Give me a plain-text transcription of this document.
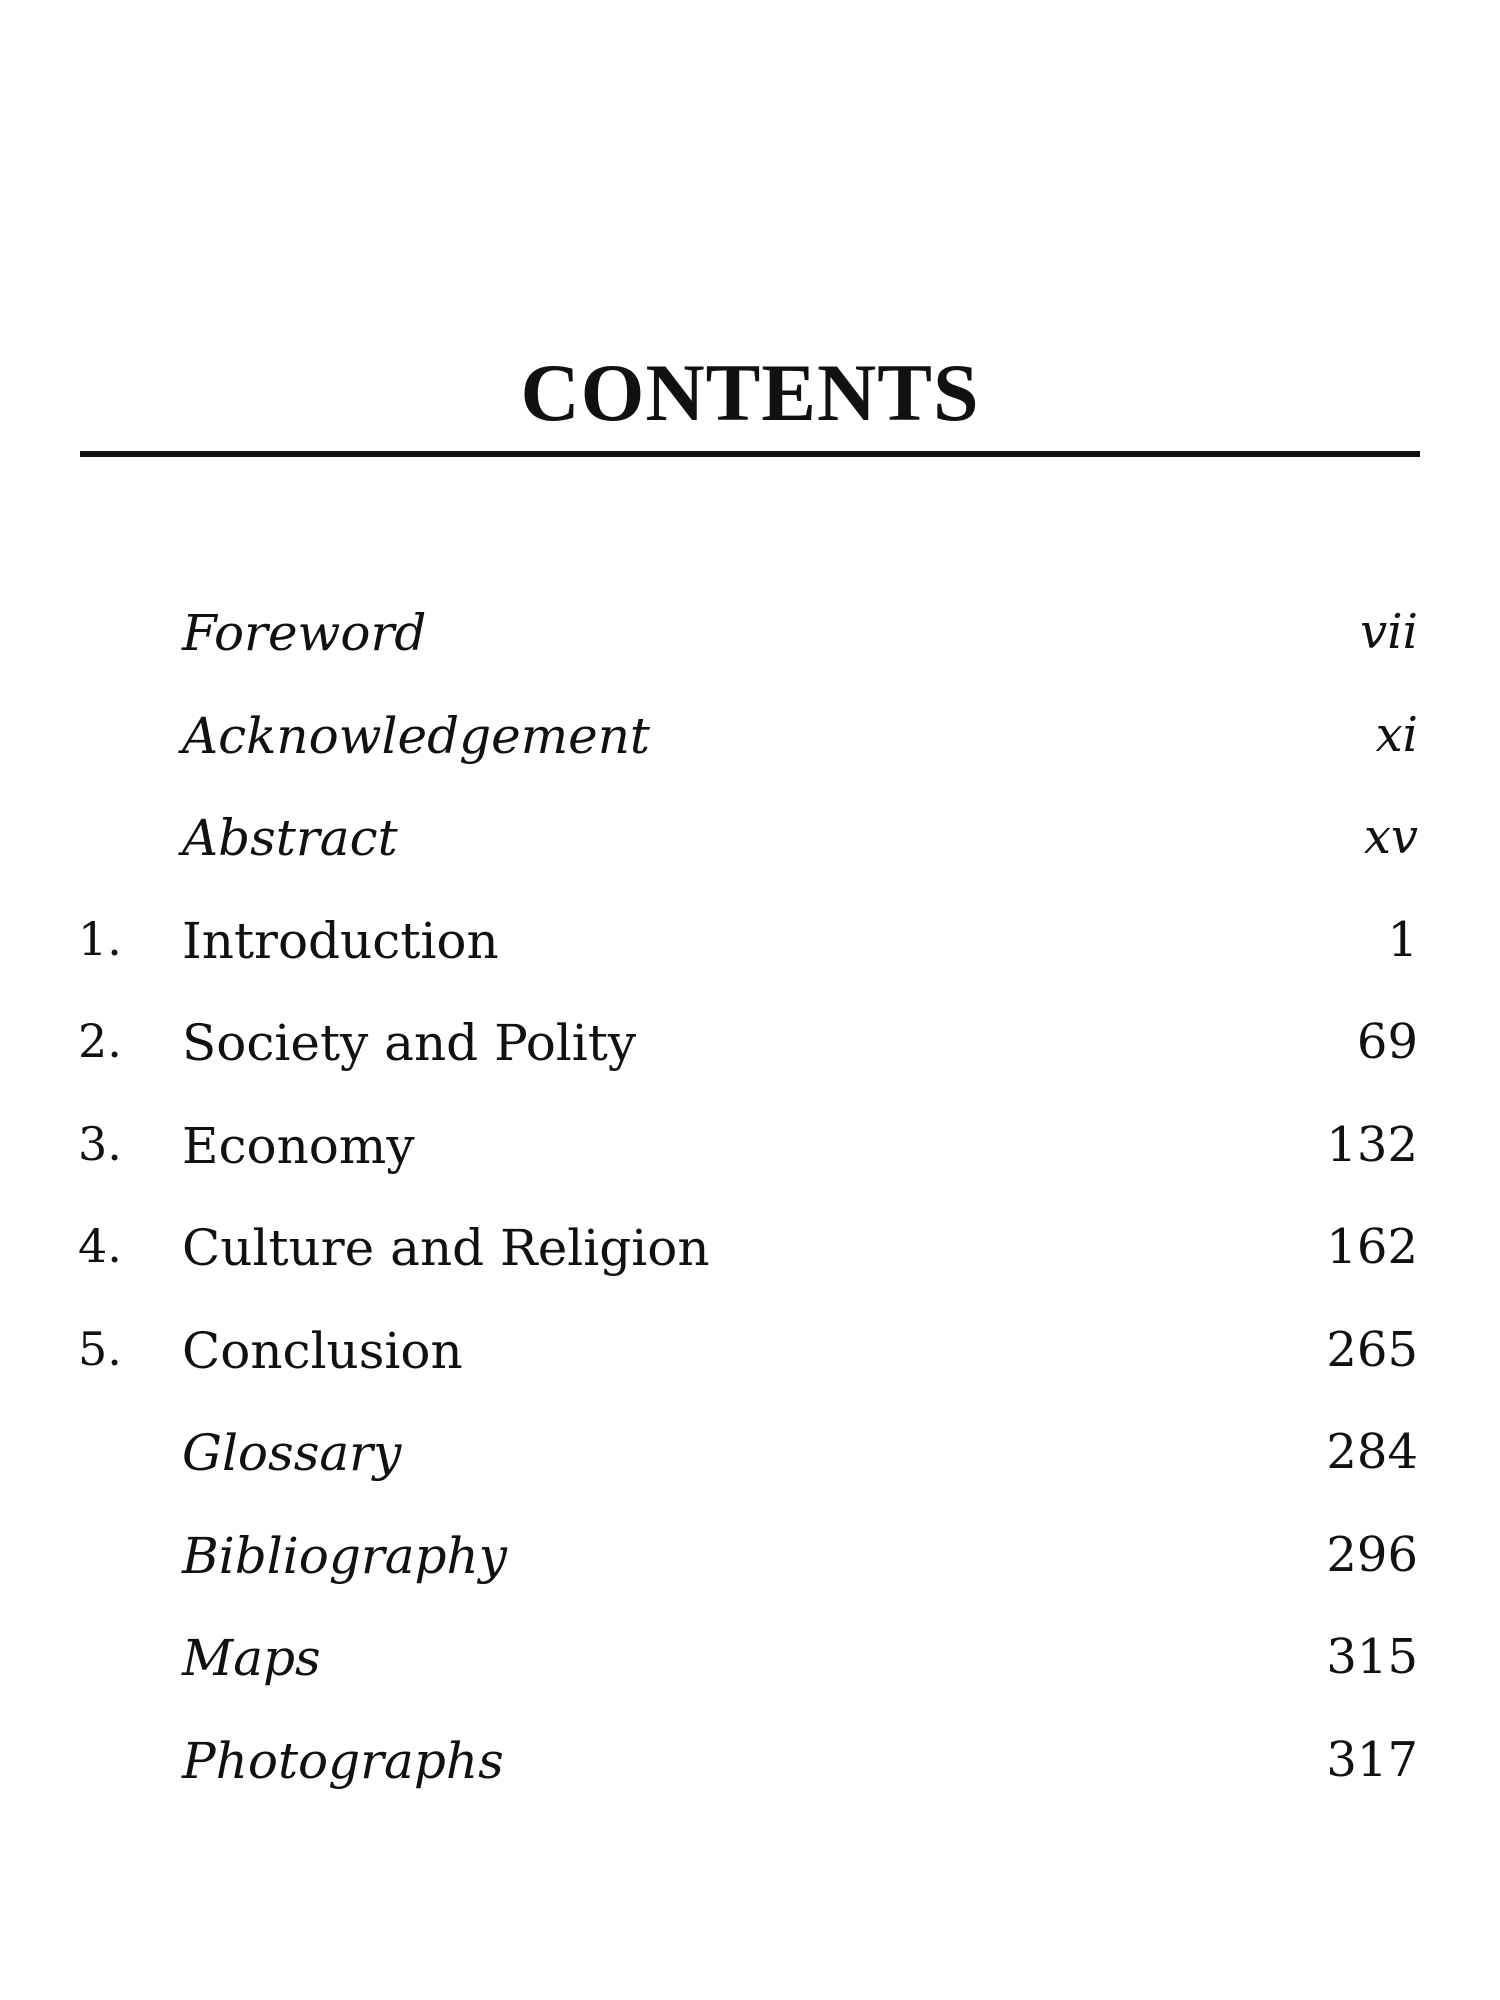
CONTENTS
Foreword	vii
Acknowledgement	xi
Abstract	xv
1. Introduction	1
2. Society and Polity	69
3. Economy	132
4. Culture and Religion	162
5. Conclusion	265
Glossary	284
Bibliography	296
Maps	315
Photographs	317
